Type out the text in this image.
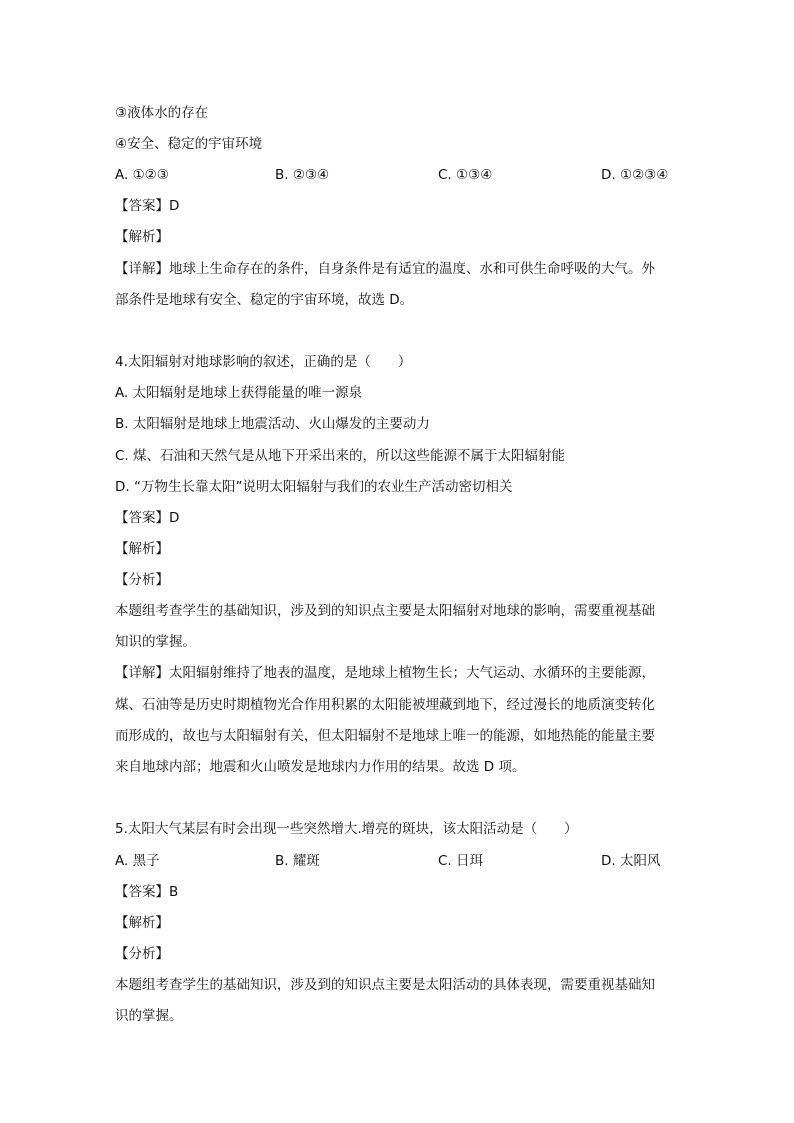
③液体水的存在
④安全、稳定的宇宙环境
A. ①②③	B. ②③④	C. ①③④	D. ①②③④
【答案】D
【解析】
【详解】地球上生命存在的条件，自身条件是有适宜的温度、水和可供生命呼吸的大气。外
部条件是地球有安全、稳定的宇宙环境，故选 D。
4.太阳辐射对地球影响的叙述，正确的是（　　）
A. 太阳辐射是地球上获得能量的唯一源泉
B. 太阳辐射是地球上地震活动、火山爆发的主要动力
C. 煤、石油和天然气是从地下开采出来的，所以这些能源不属于太阳辐射能
D. “万物生长靠太阳”说明太阳辐射与我们的农业生产活动密切相关
【答案】D
【解析】
【分析】
本题组考查学生的基础知识，涉及到的知识点主要是太阳辐射对地球的影响，需要重视基础
知识的掌握。
【详解】太阳辐射维持了地表的温度，是地球上植物生长；大气运动、水循环的主要能源，
煤、石油等是历史时期植物光合作用积累的太阳能被埋藏到地下，经过漫长的地质演变转化
而形成的，故也与太阳辐射有关，但太阳辐射不是地球上唯一的能源，如地热能的能量主要
来自地球内部；地震和火山喷发是地球内力作用的结果。故选 D 项。
5.太阳大气某层有时会出现一些突然增大.增亮的斑块，该太阳活动是（　　）
A. 黑子	B. 耀斑	C. 日珥	D. 太阳风
【答案】B
【解析】
【分析】
本题组考查学生的基础知识，涉及到的知识点主要是太阳活动的具体表现，需要重视基础知
识的掌握。
